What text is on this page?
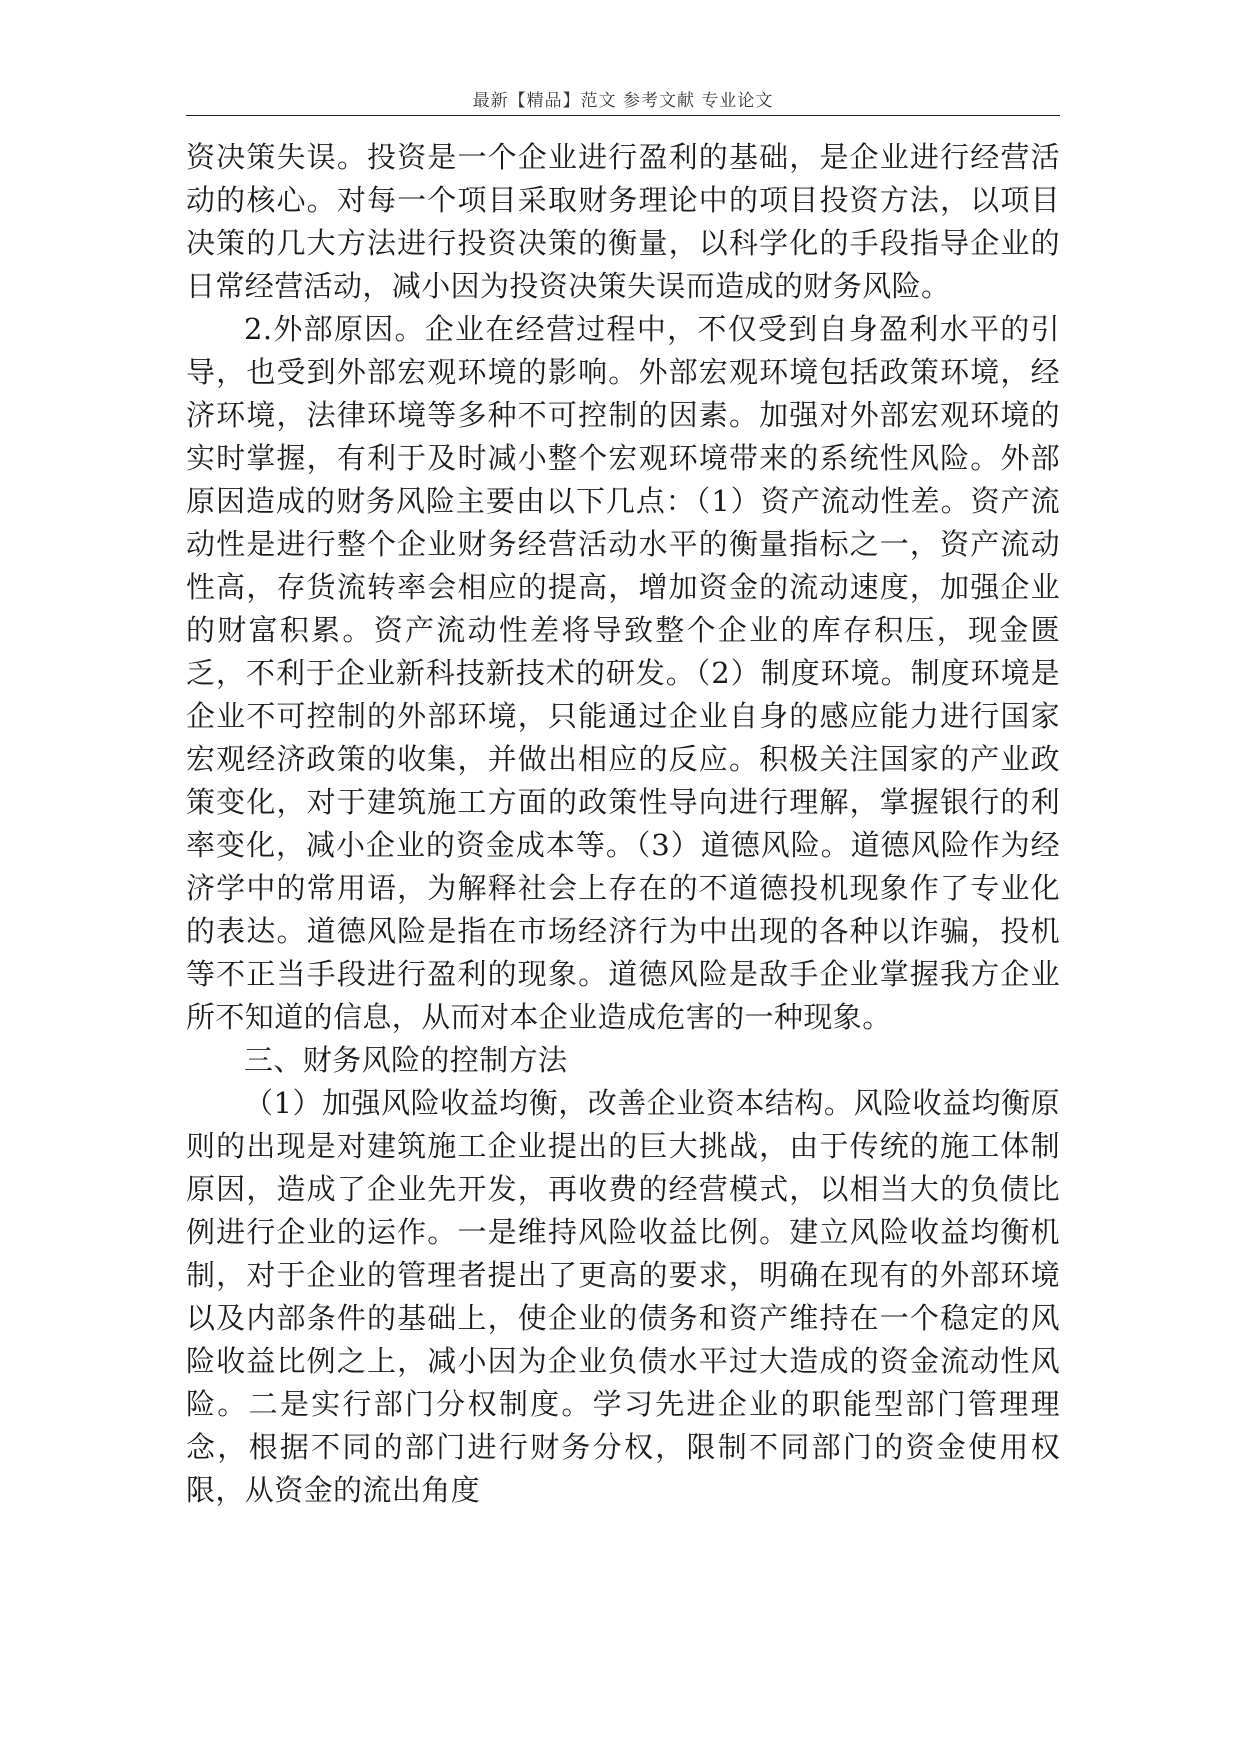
最新【精品】范文 参考文献 专业论文

资决策失误。投资是一个企业进行盈利的基础，是企业进行经营活动的核心。对每一个项目采取财务理论中的项目投资方法，以项目决策的几大方法进行投资决策的衡量，以科学化的手段指导企业的日常经营活动，减小因为投资决策失误而造成的财务风险。

2.外部原因。企业在经营过程中，不仅受到自身盈利水平的引导，也受到外部宏观环境的影响。外部宏观环境包括政策环境，经济环境，法律环境等多种不可控制的因素。加强对外部宏观环境的实时掌握，有利于及时减小整个宏观环境带来的系统性风险。外部原因造成的财务风险主要由以下几点：（1）资产流动性差。资产流动性是进行整个企业财务经营活动水平的衡量指标之一，资产流动性高，存货流转率会相应的提高，增加资金的流动速度，加强企业的财富积累。资产流动性差将导致整个企业的库存积压，现金匮乏，不利于企业新科技新技术的研发。（2）制度环境。制度环境是企业不可控制的外部环境，只能通过企业自身的感应能力进行国家宏观经济政策的收集，并做出相应的反应。积极关注国家的产业政策变化，对于建筑施工方面的政策性导向进行理解，掌握银行的利率变化，减小企业的资金成本等。（3）道德风险。道德风险作为经济学中的常用语，为解释社会上存在的不道德投机现象作了专业化的表达。道德风险是指在市场经济行为中出现的各种以诈骗，投机等不正当手段进行盈利的现象。道德风险是敌手企业掌握我方企业所不知道的信息，从而对本企业造成危害的一种现象。

三、财务风险的控制方法

（1）加强风险收益均衡，改善企业资本结构。风险收益均衡原则的出现是对建筑施工企业提出的巨大挑战，由于传统的施工体制原因，造成了企业先开发，再收费的经营模式，以相当大的负债比例进行企业的运作。一是维持风险收益比例。建立风险收益均衡机制，对于企业的管理者提出了更高的要求，明确在现有的外部环境以及内部条件的基础上，使企业的债务和资产维持在一个稳定的风险收益比例之上，减小因为企业负债水平过大造成的资金流动性风险。二是实行部门分权制度。学习先进企业的职能型部门管理理念，根据不同的部门进行财务分权，限制不同部门的资金使用权限，从资金的流出角度
